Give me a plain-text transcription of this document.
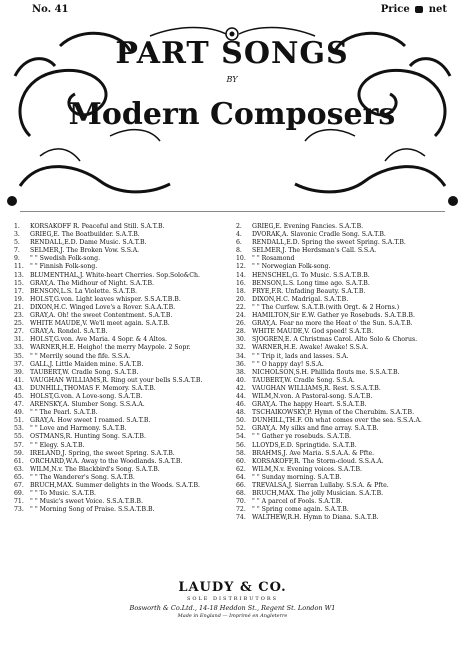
No. 41	Price net
PART SONGS
BY
Modern Composers
1.	KORSAKOFF R. Peaceful and Still. S.A.T.B.
3.	GRIEG,E. The Boatbuilder. S.A.T.B.
5.	RENDALL,E.D. Dame Music. S.A.T.B.
7.	SELMER,J. The Broken Vow. S.S.A.
9.	" " Swedish Folk-song.
11. " " Finnish Folk-song.
13. BLUMENTHAL,J. White-heart Cherries. Sop.Solo&Ch.
15. GRAY,A. The Midhour of Night. S.A.T.B.
17. BENSON,L.S. La Violette. S.A.T.B.
19. HOLST,G.von. Light leaves whisper. S.S.A.T.B.B.
21. DIXON,H.C. Winged Love's a Rover. S.A.A.T.B.
23. GRAY,A. Oh! the sweet Contentment. S.A.T.B.
25. WHITE MAUDE,V. We'll meet again. S.A.T.B.
27. GRAY,A. Rondel. S.A.T.B.
31. HOLST,G.von. Ave Maria. 4 Sopr. & 4 Altos.
33. WARNER,H.E. Heigho! the merry Maypole. 2 Sopr.
35. " " Merrily sound the fife. S.S.A.
37. GALL,J. Little Maiden mine. S.A.T.B.
39. TAUBERT,W. Cradle Song. S.A.T.B.
41. VAUGHAN WILLIAMS,R. Ring out your bells S.S.A.T.B.
43. DUNHILL,THOMAS F. Memory. S.A.T.B.
45. HOLST,G.von. A Love-song. S.A.T.B.
47. ARENSKY,A. Slumber Song. S.S.A.A.
49. " " The Pearl. S.A.T.B.
51. GRAY,A. How sweet I roamed. S.A.T.B.
53. " " Love and Harmony. S.A.T.B.
55. OSTMANS,R. Hunting Song. S.A.T.B.
57. " " Elegy. S.A.T.B.
59. IRELAND,J. Spring, the sweet Spring. S.A.T.B.
61. ORCHARD,W.A. Away to the Woodlands. S.A.T.B.
63. WILM,N.v. The Blackbird's Song. S.A.T.B.
65. " " The Wanderer's Song. S.A.T.B.
67. BRUCH,MAX. Summer delights in the Woods. S.A.T.B.
69. " " To Music. S.A.T.B.
71. " " Music's sweet Voice. S.S.A.T.B.B.
73. " " Morning Song of Praise. S.S.A.T.B.B.
2.	GRIEG,E. Evening Fancies. S.A.T.B.
4.	DVORAK,A. Slavonic Cradle Song. S.A.T.B.
6.	RENDALL,E.D. Spring the sweet Spring. S.A.T.B.
8.	SELMER,J. The Herdsman's Call. S.S.A.
10. " " Rosamond
12. " " Norwegian Folk-song.
14. HENSCHEL,G. To Music. S.S.A.T.B.B.
16. BENSON,L.S. Long time ago. S.A.T.B.
18. FRYE,F.R. Unfading Beauty. S.A.T.B.
20. DIXON,H.C. Madrigal. S.A.T.B.
22. " " The Curfew. S.A.T.B.(with Orgt. & 2 Horns.)
24. HAMILTON,Sir E.W. Gather ye Rosebuds. S.A.T.B.B.
26. GRAY,A. Fear no more the Heat o' the Sun. S.A.T.B.
28. WHITE MAUDE,V. God speed! S.A.T.B.
30. SJOGREN,E. A Christmas Carol. Alto Solo & Chorus.
32. WARNER,H.E. Awake! Awake! S.S.A.
34. " " Trip it, lads and lasses. S.A.
36. " " O happy day! S.S.A.
38. NICHOLSON,S.H. Phillida flouts me. S.S.A.T.B.
40. TAUBERT,W. Cradle Song. S.S.A.
42. VAUGHAN WILLIAMS,R. Rest. S.S.A.T.B.
44. WILM,N.von. A Pastoral-song. S.A.T.B.
46. GRAY,A. The happy Heart. S.S.A.T.B.
48. TSCHAIKOWSKY,P. Hymn of the Cherubim. S.A.T.B.
50. DUNHILL,TH.F. Oh what comes over the sea. S.S.A.A.
52. GRAY,A. My silks and fine array. S.A.T.B.
54. " " Gather ye rosebuds. S.A.T.B.
56. LLOYDS,E.D. Springtide. S.A.T.B.
58. BRAHMS,J. Ave Maria. S.S.A.A. & Pfte.
60. KORSAKOFF,R. The Storm-cloud. S.S.A.A.
62. WILM,N.v. Evening voices. S.A.T.B.
64. " " Sunday morning. S.A.T.B.
66. TREVALSA,J. Sierran Lullaby. S.S.A. & Pfte.
68. BRUCH,MAX. The jolly Musician. S.A.T.B.
70. " " A parcel of Fools. S.A.T.B.
72. " " Spring come again. S.A.T.B.
74. WALTHEW,R.H. Hymn to Diana. S.A.T.B.
LAUDY & CO.
SOLE DISTRIBUTORS
Bosworth & Co.Ltd., 14-18 Heddon St., Regent St. London W1
Made in England — Imprimé en Angleterre
